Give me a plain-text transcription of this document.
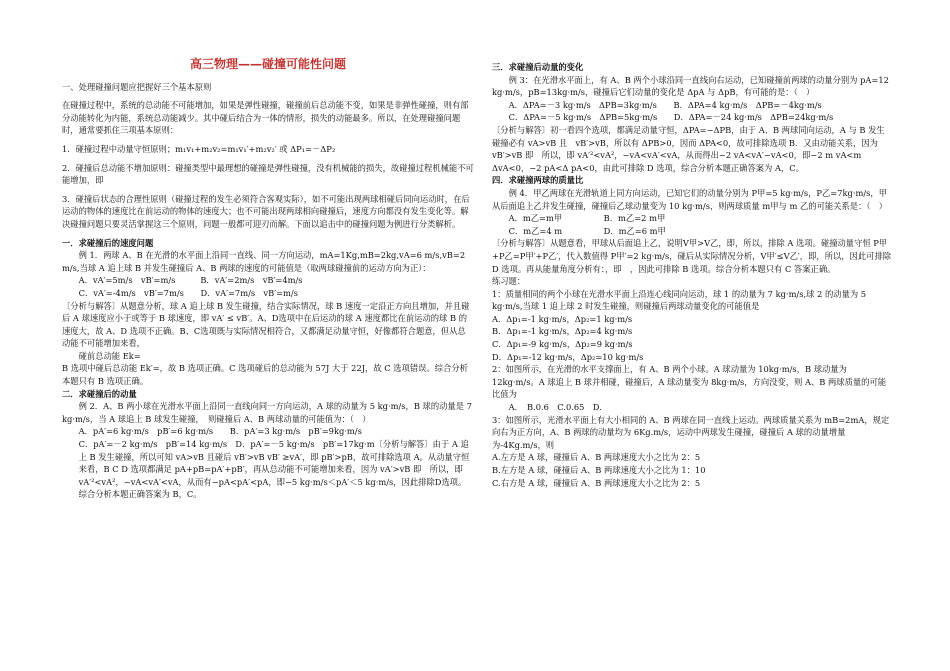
高三物理——碰撞可能性问题

一、处理碰撞问题应把握好三个基本原则

在碰撞过程中，系统的总动能不可能增加，如果是弹性碰撞，碰撞前后总动能不变，如果是非弹性碰撞，则有部分动能转化为内能，系统总动能减少。其中碰后结合为一体的情形，损失的动能最多。所以，在处理碰撞问题时，通常要抓住三项基本原则：

1．碰撞过程中动量守恒原则；m₁v₁+m₂v₂=m₁v₁′+m₂v₂′ 或 ΔP₁=－ΔP₂

2．碰撞后总动能不增加原则：碰撞类型中最理想的碰撞是弹性碰撞，没有机械能的损失，故碰撞过程机械能不可能增加，即

3．碰撞后状态的合理性原则（碰撞过程的发生必须符合客观实际），如不可能出现两球相碰后同向运动时，在后运动的物体的速度比在前运动的物体的速度大；也不可能出现两球相向碰撞后，速度方向都没有发生变化等。解决碰撞问题只要灵活掌握这三个原则，问题一般都可迎刃而解。下面以追击中的碰撞问题为例进行分类解析。

一．求碰撞后的速度问题

例 1．两球 A、B 在光滑的水平面上沿同一直线、同一方向运动，mA=1Kg,mB=2kg,vA=6 m/s,vB=2 m/s,当球 A 追上球 B 并发生碰撞后 A、B 两球的速度的可能值是（取两球碰撞前的运动方向为正）：

A．vA′=5m/s　vB′=m/s　　　B．vA′=2m/s　vB′=4m/s

C．vA′=-4m/s　vB′=7m/s　　D．vA′=7m/s　vB′=m/s

〔分析与解答〕从题意分析，球 A 追上球 B 发生碰撞，结合实际情况，球 B 速度一定沿正方向且增加，并且碰后 A 球速度应小于或等于 B 球速度，即 vA′ ≤ vB′。A、D选项中在后运动的球 A 速度都比在前运动的球 B 的速度大，故 A、D 选项不正确。B、C选项既与实际情况相符合，又都满足动量守恒，好像都符合题意，但从总动能不可能增加来看，

碰前总动能 Ek=

B 选项中碰后总动能 Ek′=，故 B 选项正确。C 选项碰后的总动能为 57J 大于 22J，故 C 选项错误。综合分析本题只有 B 选项正确。

二．求碰撞后的动量

例 2．A、B 两小球在光滑水平面上沿同一直线向同一方向运动，A 球的动量为 5 kg·m/s，B 球的动量是 7 kg·m/s，当 A 球追上 B 球发生碰撞，　则碰撞后 A、B 两球动量的可能值为：（　）

A．pA′=6 kg·m/s　pB′=6 kg·m/s　　B．pA′=3 kg·m/s　pB′=9kg·m/s

C．pA′=－2 kg·m/s　pB′=14 kg·m/s　D．pA′=－5 kg·m/s　pB′=17kg·m〔分析与解答〕由于 A 追上 B 发生碰撞，所以可知 vA>vB 且碰后 vB′>vB vB′ ≥vA′，即 pB′>pB，故可排除选项 A。从动量守恒来看，B C D 选项都满足 pA+pB=pA′+pB′，再从总动能不可能增加来看，因为 vA′>vB 即　所以，即 vA′²<vA²，−vA<vA′<vA，从而有−pA<pA′<pA，即−5 kg·m/s＜pA′＜5 kg·m/s，因此排除D选项。综合分析本题正确答案为 B，C。

三．求碰撞后动量的变化

例 3：在光滑水平面上，有 A、B 两个小球沿同一直线向右运动，已知碰撞前两球的动量分别为 pA=12 kg·m/s，pB=13kg·m/s，碰撞后它们动量的变化是 ΔpA 与 ΔpB，有可能的是：（　）

A．ΔPA=－3 kg·m/s　ΔPB=3kg·m/s　　B．ΔPA=4 kg·m/s　ΔPB=－4kg·m/s

C．ΔPA=－5 kg·m/s　ΔPB=5kg·m/s　　D．ΔPA=－24 kg·m/s　ΔPB=24kg·m/s

〔分析与解答〕初一看四个选项，都满足动量守恒，ΔPA=−ΔPB，由于 A、B 两球同向运动，A 与 B 发生碰撞必有 vA>vB 且　vB′>vB，所以有 ΔPB>0，因而 ΔPA<0，故可排除选项 B．又由动能关系，因为 vB′>vB 即　所以，即 vA′²<vA²，−vA<vA′<vA，从而得出−2 vA<vA′−vA<0，即−2 m vA<m ΔvA<0，−2 pA<Δ pA<0，由此可排除 D 选项，综合分析本题正确答案为 A，C。

四．求碰撞两球的质量比

例 4．甲乙两球在光滑轨道上同方向运动，已知它们的动量分别为 P甲=5 kg·m/s，P乙=7kg·m/s，甲从后面追上乙并发生碰撞，碰撞后乙球动量变为 10 kg·m/s，则两球质量 m甲与 m 乙的可能关系是：（　）

A．m乙=m甲　　　　　B．m乙=2 m甲

C．m乙=4 m　　　　　D．m乙=6 m甲

〔分析与解答〕从题意看，甲球从后面追上乙，说明V甲>V乙，即，所以，排除 A 选项。碰撞动量守恒 P甲+P乙=P甲′+P乙′，代入数值得 P甲′=2 kg·m/s，碰后从实际情况分析，V甲′≤V乙′，即，所以，因此可排除 D 选项。再从能量角度分析有：，即　，因此可排除 B 选项。综合分析本题只有 C 答案正确。

练习题：

1：质量相同的两个小球在光滑水平面上沿连心线同向运动，球 1 的动量为 7 kg·m/s,球 2 的动量为 5 kg·m/s,当球 1 追上球 2 时发生碰撞，则碰撞后两球动量变化的可能值是

A．Δp₁=-1 kg·m/s，Δp₂=1 kg·m/s

B．Δp₁=-1 kg·m/s，Δp₂=4 kg·m/s

C．Δp₁=-9 kg·m/s，Δp₂=9 kg·m/s

D．Δp₁=-12 kg·m/s，Δp₂=10 kg·m/s

2：如图所示，在光滑的水平支撑面上，有 A、B 两个小球。A 球动量为 10kg·m/s，B 球动量为 12kg·m/s。A 球追上 B 球并相碰，碰撞后，A 球动量变为 8kg·m/s，方向没变，则 A、B 两球质量的可能比值为

A．　B.0.6　C.0.65　D．

3：如图所示，光滑水平面上有大小相同的 A、B 两球在同一直线上运动。两球质量关系为 mB=2mA，规定向右为正方向，A、B 两球的动量均为 6Kg.m/s，运动中两球发生碰撞，碰撞后 A 球的动量增量为-4Kg.m/s，则

A.左方是 A 球，碰撞后 A、B 两球速度大小之比为 2：5

B.左方是 A 球，碰撞后 A、B 两球速度大小之比为 1：10

C.右方是 A 球，碰撞后 A、B 两球速度大小之比为 2：5
